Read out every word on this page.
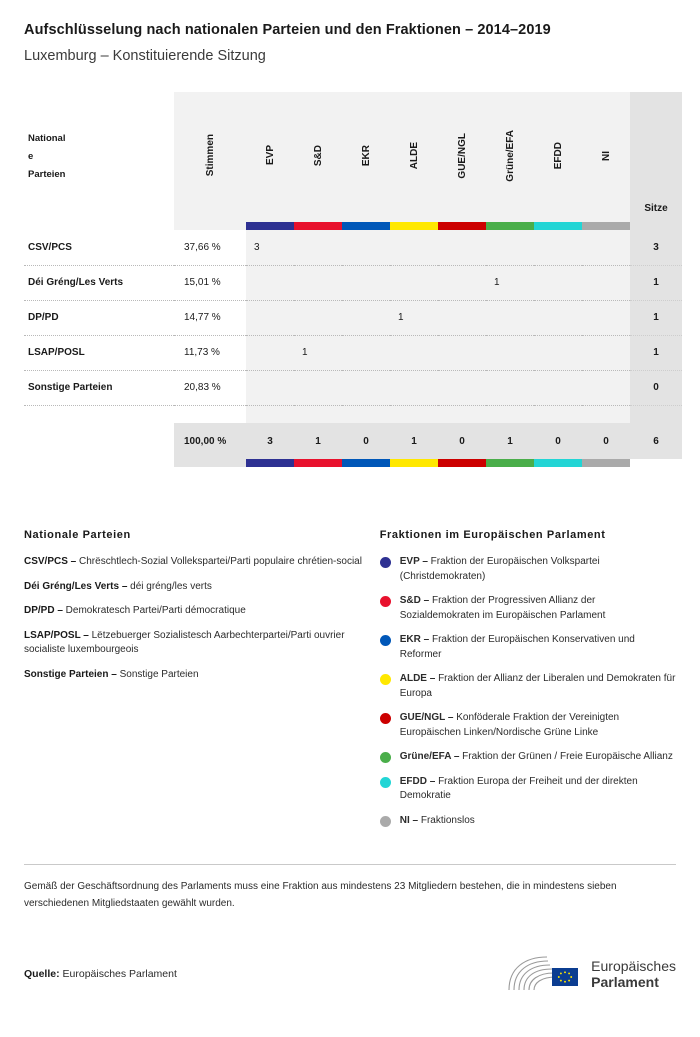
Aufschlüsselung nach nationalen Parteien und den Fraktionen – 2014–2019
Luxemburg – Konstituierende Sitzung
National
e
Parteien	Stimmen	EVP	S&D	EKR	ALDE	GUE/NGL	Grüne/EFA	EFDD	NI	Sitze

CSV/PCS	37,66 %	3								3
Déi Gréng/Les Verts	15,01 %						1			1
DP/PD	14,77 %				1					1
LSAP/POSL	11,73 %		1							1
Sonstige Parteien	20,83 %									0

	100,00 %	3	1	0	1	0	1	0	0	6

Nationale Parteien
CSV/PCS – Chrëschtlech-Sozial Vollekspartei/Parti populaire chrétien-social
Déi Gréng/Les Verts – déi gréng/les verts
DP/PD – Demokratesch Partei/Parti démocratique
LSAP/POSL – Lëtzebuerger Sozialistesch Aarbechterpartei/Parti ouvrier socialiste luxembourgeois
Sonstige Parteien – Sonstige Parteien
Fraktionen im Europäischen Parlament
EVP – Fraktion der Europäischen Volkspartei (Christdemokraten)
S&D – Fraktion der Progressiven Allianz der Sozialdemokraten im Europäischen Parlament
EKR – Fraktion der Europäischen Konservativen und Reformer
ALDE – Fraktion der Allianz der Liberalen und Demokraten für Europa
GUE/NGL – Konföderale Fraktion der Vereinigten Europäischen Linken/Nordische Grüne Linke
Grüne/EFA – Fraktion der Grünen / Freie Europäische Allianz
EFDD – Fraktion Europa der Freiheit und der direkten Demokratie
NI – Fraktionslos
Gemäß der Geschäftsordnung des Parlaments muss eine Fraktion aus mindestens 23 Mitgliedern bestehen, die in mindestens sieben verschiedenen Mitgliedstaaten gewählt wurden.
Quelle: Europäisches Parlament
Europäisches
Parlament
